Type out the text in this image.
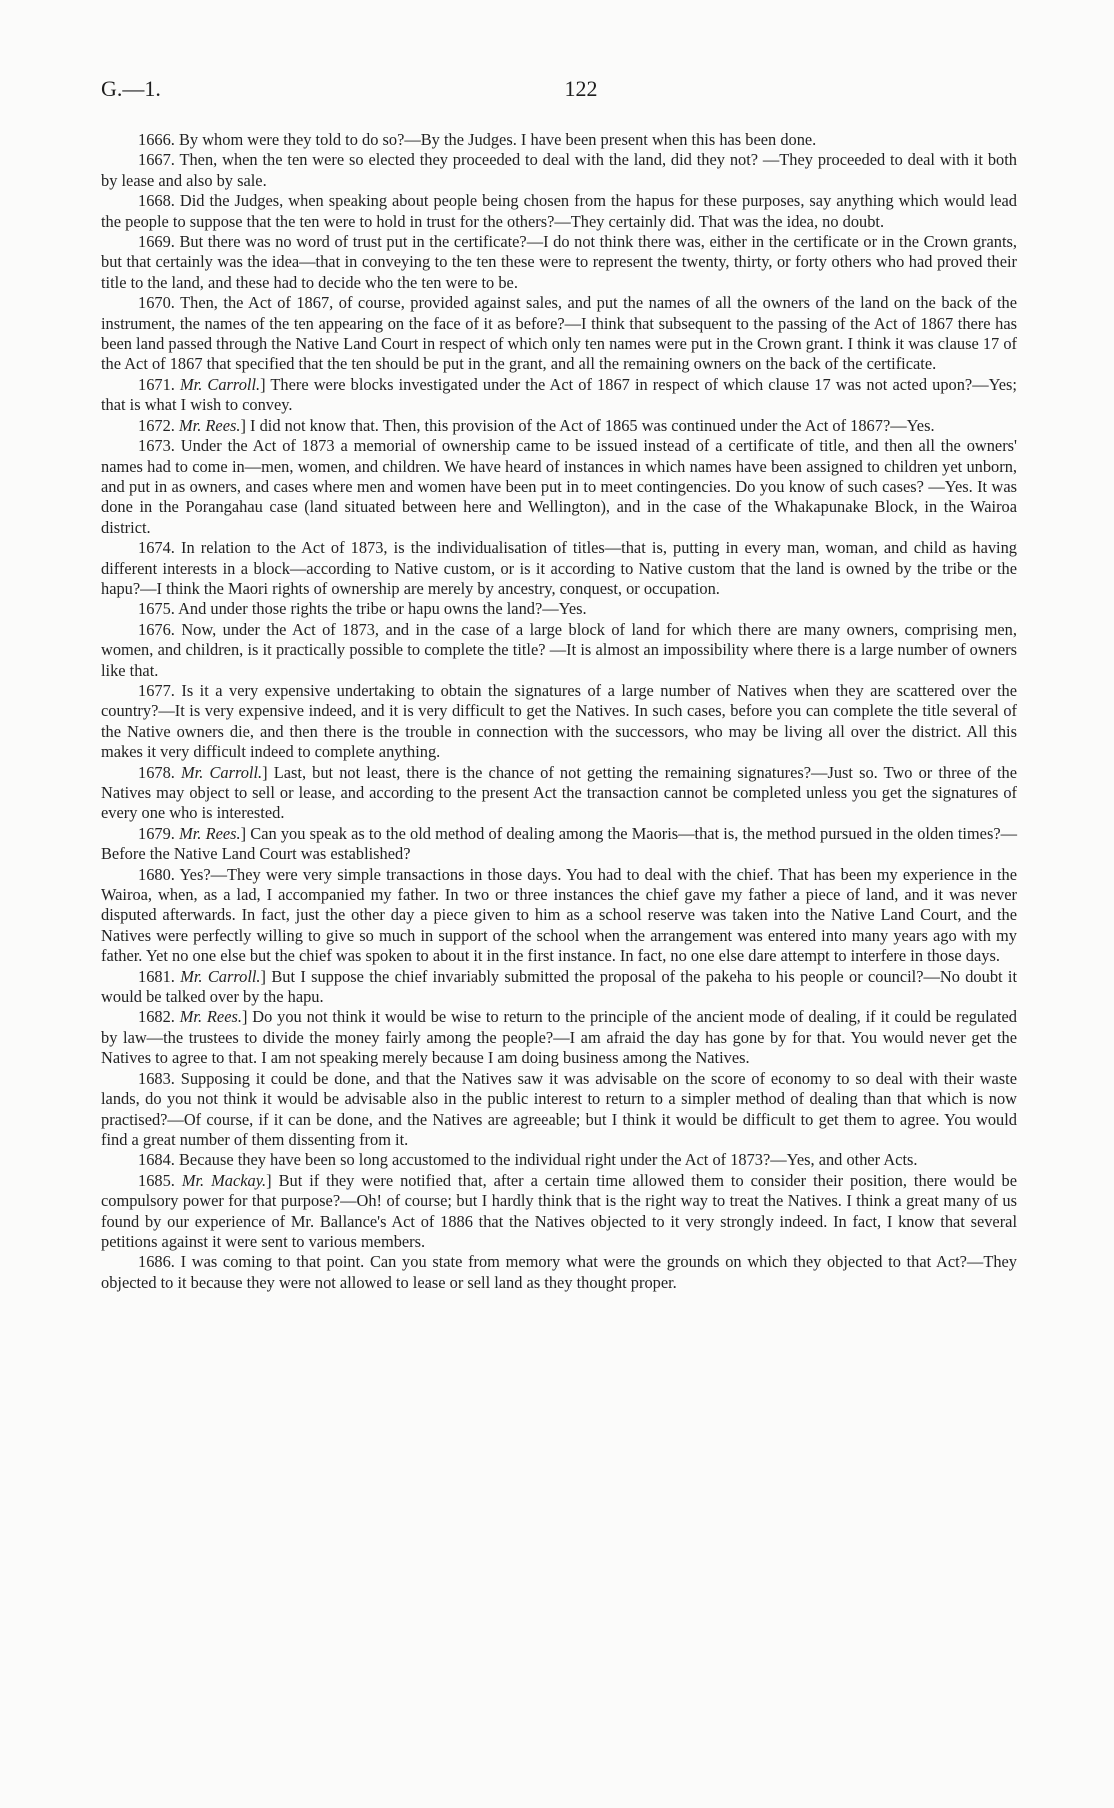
G.—1.	122

1666. By whom were they told to do so?—By the Judges. I have been present when this has been done.

1667. Then, when the ten were so elected they proceeded to deal with the land, did they not? —They proceeded to deal with it both by lease and also by sale.

1668. Did the Judges, when speaking about people being chosen from the hapus for these purposes, say anything which would lead the people to suppose that the ten were to hold in trust for the others?—They certainly did. That was the idea, no doubt.

1669. But there was no word of trust put in the certificate?—I do not think there was, either in the certificate or in the Crown grants, but that certainly was the idea—that in conveying to the ten these were to represent the twenty, thirty, or forty others who had proved their title to the land, and these had to decide who the ten were to be.

1670. Then, the Act of 1867, of course, provided against sales, and put the names of all the owners of the land on the back of the instrument, the names of the ten appearing on the face of it as before?—I think that subsequent to the passing of the Act of 1867 there has been land passed through the Native Land Court in respect of which only ten names were put in the Crown grant. I think it was clause 17 of the Act of 1867 that specified that the ten should be put in the grant, and all the remaining owners on the back of the certificate.

1671. Mr. Carroll.] There were blocks investigated under the Act of 1867 in respect of which clause 17 was not acted upon?—Yes; that is what I wish to convey.

1672. Mr. Rees.] I did not know that. Then, this provision of the Act of 1865 was continued under the Act of 1867?—Yes.

1673. Under the Act of 1873 a memorial of ownership came to be issued instead of a certificate of title, and then all the owners' names had to come in—men, women, and children. We have heard of instances in which names have been assigned to children yet unborn, and put in as owners, and cases where men and women have been put in to meet contingencies. Do you know of such cases? —Yes. It was done in the Porangahau case (land situated between here and Wellington), and in the case of the Whakapunake Block, in the Wairoa district.

1674. In relation to the Act of 1873, is the individualisation of titles—that is, putting in every man, woman, and child as having different interests in a block—according to Native custom, or is it according to Native custom that the land is owned by the tribe or the hapu?—I think the Maori rights of ownership are merely by ancestry, conquest, or occupation.

1675. And under those rights the tribe or hapu owns the land?—Yes.

1676. Now, under the Act of 1873, and in the case of a large block of land for which there are many owners, comprising men, women, and children, is it practically possible to complete the title? —It is almost an impossibility where there is a large number of owners like that.

1677. Is it a very expensive undertaking to obtain the signatures of a large number of Natives when they are scattered over the country?—It is very expensive indeed, and it is very difficult to get the Natives. In such cases, before you can complete the title several of the Native owners die, and then there is the trouble in connection with the successors, who may be living all over the district. All this makes it very difficult indeed to complete anything.

1678. Mr. Carroll.] Last, but not least, there is the chance of not getting the remaining signatures?—Just so. Two or three of the Natives may object to sell or lease, and according to the present Act the transaction cannot be completed unless you get the signatures of every one who is interested.

1679. Mr. Rees.] Can you speak as to the old method of dealing among the Maoris—that is, the method pursued in the olden times?—Before the Native Land Court was established?

1680. Yes?—They were very simple transactions in those days. You had to deal with the chief. That has been my experience in the Wairoa, when, as a lad, I accompanied my father. In two or three instances the chief gave my father a piece of land, and it was never disputed afterwards. In fact, just the other day a piece given to him as a school reserve was taken into the Native Land Court, and the Natives were perfectly willing to give so much in support of the school when the arrangement was entered into many years ago with my father. Yet no one else but the chief was spoken to about it in the first instance. In fact, no one else dare attempt to interfere in those days.

1681. Mr. Carroll.] But I suppose the chief invariably submitted the proposal of the pakeha to his people or council?—No doubt it would be talked over by the hapu.

1682. Mr. Rees.] Do you not think it would be wise to return to the principle of the ancient mode of dealing, if it could be regulated by law—the trustees to divide the money fairly among the people?—I am afraid the day has gone by for that. You would never get the Natives to agree to that. I am not speaking merely because I am doing business among the Natives.

1683. Supposing it could be done, and that the Natives saw it was advisable on the score of economy to so deal with their waste lands, do you not think it would be advisable also in the public interest to return to a simpler method of dealing than that which is now practised?—Of course, if it can be done, and the Natives are agreeable; but I think it would be difficult to get them to agree. You would find a great number of them dissenting from it.

1684. Because they have been so long accustomed to the individual right under the Act of 1873?—Yes, and other Acts.

1685. Mr. Mackay.] But if they were notified that, after a certain time allowed them to consider their position, there would be compulsory power for that purpose?—Oh! of course; but I hardly think that is the right way to treat the Natives. I think a great many of us found by our experience of Mr. Ballance's Act of 1886 that the Natives objected to it very strongly indeed. In fact, I know that several petitions against it were sent to various members.

1686. I was coming to that point. Can you state from memory what were the grounds on which they objected to that Act?—They objected to it because they were not allowed to lease or sell land as they thought proper.
